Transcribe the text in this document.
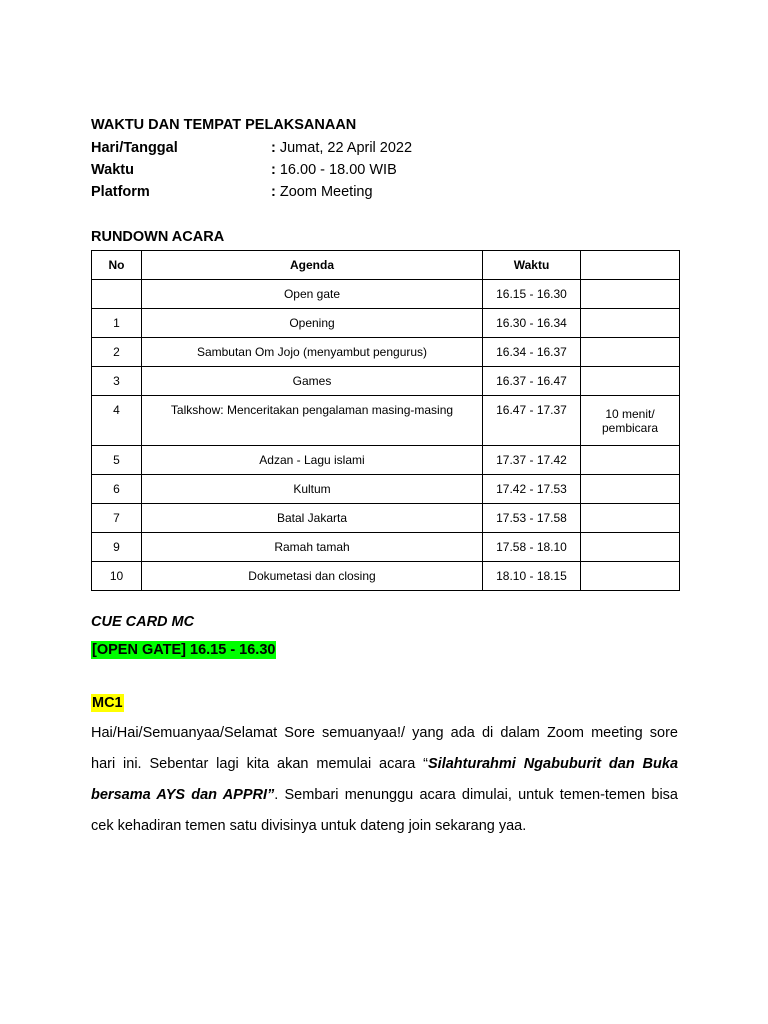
WAKTU DAN TEMPAT PELAKSANAAN
Hari/Tanggal	: Jumat, 22 April 2022
Waktu	: 16.00 - 18.00 WIB
Platform	: Zoom Meeting
RUNDOWN ACARA
No	Agenda	Waktu	
	Open gate	16.15 - 16.30	
1	Opening	16.30 - 16.34	
2	Sambutan Om Jojo (menyambut pengurus)	16.34 - 16.37	
3	Games	16.37 - 16.47	
4	Talkshow: Menceritakan pengalaman masing-masing	16.47 - 17.37	10 menit/ pembicara
5	Adzan - Lagu islami	17.37 - 17.42	
6	Kultum	17.42 - 17.53	
7	Batal Jakarta	17.53 - 17.58	
9	Ramah tamah	17.58 - 18.10	
10	Dokumetasi dan closing	18.10 - 18.15	
CUE CARD MC
[OPEN GATE] 16.15 - 16.30
MC1

Hai/Hai/Semuanyaa/Selamat Sore semuanyaa!/ yang ada di dalam Zoom meeting sore hari ini. Sebentar lagi kita akan memulai acara “Silahturahmi Ngabuburit dan Buka bersama AYS dan APPRI”. Sembari menunggu acara dimulai, untuk temen-temen bisa cek kehadiran temen satu divisinya untuk dateng join sekarang yaa.
